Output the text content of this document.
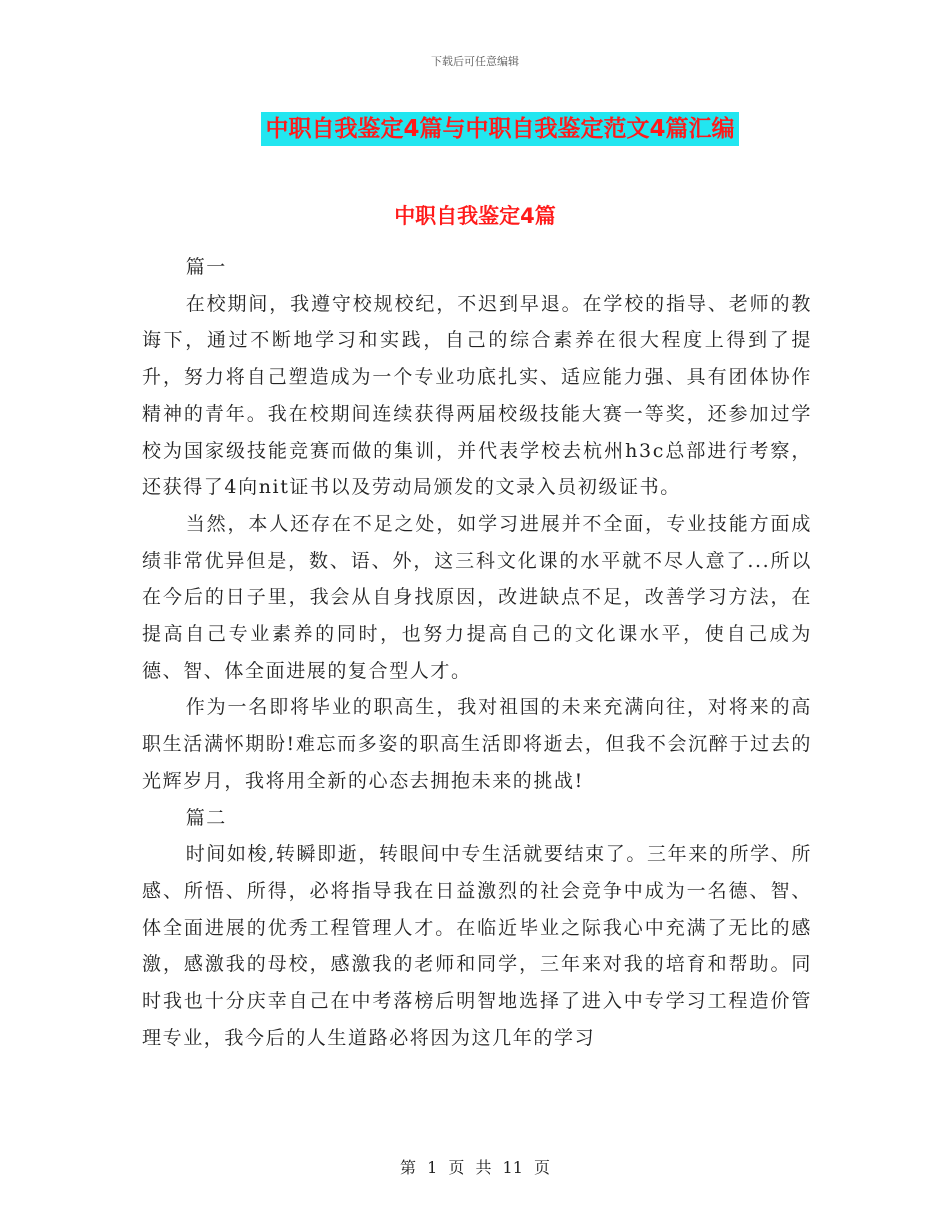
下载后可任意编辑
中职自我鉴定4篇与中职自我鉴定范文4篇汇编
中职自我鉴定4篇

篇一

在校期间，我遵守校规校纪，不迟到早退。在学校的指导、老师的教诲下，通过不断地学习和实践，自己的综合素养在很大程度上得到了提升，努力将自己塑造成为一个专业功底扎实、适应能力强、具有团体协作精神的青年。我在校期间连续获得两届校级技能大赛一等奖，还参加过学校为国家级技能竞赛而做的集训，并代表学校去杭州h3c总部进行考察，还获得了4向nit证书以及劳动局颁发的文录入员初级证书。

当然，本人还存在不足之处，如学习进展并不全面，专业技能方面成绩非常优异但是，数、语、外，这三科文化课的水平就不尽人意了...所以在今后的日子里，我会从自身找原因，改进缺点不足，改善学习方法，在提高自己专业素养的同时，也努力提高自己的文化课水平，使自己成为德、智、体全面进展的复合型人才。

作为一名即将毕业的职高生，我对祖国的未来充满向往，对将来的高职生活满怀期盼!难忘而多姿的职高生活即将逝去，但我不会沉醉于过去的光辉岁月，我将用全新的心态去拥抱未来的挑战!

篇二

时间如梭,转瞬即逝，转眼间中专生活就要结束了。三年来的所学、所感、所悟、所得，必将指导我在日益激烈的社会竞争中成为一名德、智、体全面进展的优秀工程管理人才。在临近毕业之际我心中充满了无比的感激，感激我的母校，感激我的老师和同学，三年来对我的培育和帮助。同时我也十分庆幸自己在中考落榜后明智地选择了进入中专学习工程造价管理专业，我今后的人生道路必将因为这几年的学习

第 1 页 共 11 页
